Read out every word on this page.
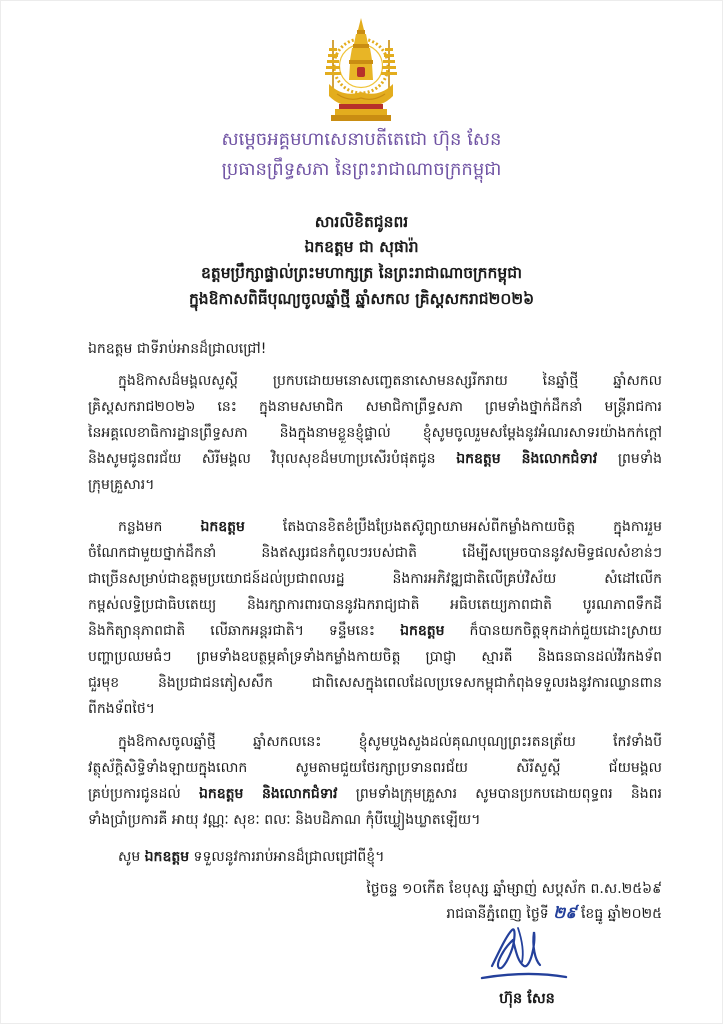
សម្តេចអគ្គមហាសេនាបតីតេជោ ហ៊ុន សែន
ប្រធានព្រឹទ្ធសភា នៃព្រះរាជាណាចក្រកម្ពុជា
សារលិខិតជូនពរ
ឯកឧត្តម ជា សុផារ៉ា
ឧត្តមប្រឹក្សាផ្ទាល់ព្រះមហាក្សត្រ នៃព្រះរាជាណាចក្រកម្ពុជា
ក្នុងឱកាសពិធីបុណ្យចូលឆ្នាំថ្មី ឆ្នាំសកល គ្រិស្តសករាជ២០២៦
ឯកឧត្តម ជាទីរាប់អានដ៏ជ្រាលជ្រៅ!
ក្នុងឱកាសដ៏មង្គលសួស្តី ប្រកបដោយមនោសញ្ចេតនាសោមនស្សរីករាយ នៃឆ្នាំថ្មី ឆ្នាំសកល
គ្រិស្តសករាជ២០២៦ នេះ ក្នុងនាមសមាជិក សមាជិកាព្រឹទ្ធសភា ព្រមទាំងថ្នាក់ដឹកនាំ មន្ត្រីរាជការ
នៃអគ្គលេខាធិការដ្ឋានព្រឹទ្ធសភា និងក្នុងនាមខ្លួនខ្ញុំផ្ទាល់ ខ្ញុំសូមចូលរួមសម្តែងនូវអំណរសាទរយ៉ាងកក់ក្តៅ
និងសូមជូនពរជ័យ សិរីមង្គល វិបុលសុខដ៏មហាប្រសើរបំផុតជូន ឯកឧត្តម និងលោកជំទាវ ព្រមទាំង
ក្រុមគ្រួសារ។
កន្លងមក ឯកឧត្តម តែងបានខិតខំប្រឹងប្រែងតស៊ូព្យាយាមអស់ពីកម្លាំងកាយចិត្ត ក្នុងការរួម
ចំណែកជាមួយថ្នាក់ដឹកនាំ និងឥស្សរជនកំពូលៗរបស់ជាតិ ដើម្បីសម្រេចបាននូវសមិទ្ធផលសំខាន់ៗ
ជាច្រើនសម្រាប់ជាឧត្តមប្រយោជន៍ដល់ប្រជាពលរដ្ឋ និងការអភិវឌ្ឍជាតិលើគ្រប់វិស័យ សំដៅលើក
កម្ពស់លទ្ធិប្រជាធិបតេយ្យ និងរក្សាការពារបាននូវឯករាជ្យជាតិ អធិបតេយ្យភាពជាតិ បូរណភាពទឹកដី
និងកិត្យានុភាពជាតិ លើឆាកអន្តរជាតិ។ ទន្ទឹមនេះ ឯកឧត្តម ក៏បានយកចិត្តទុកដាក់ជួយដោះស្រាយ
បញ្ហាប្រឈមធំៗ ព្រមទាំងឧបត្ថម្ភគាំទ្រទាំងកម្លាំងកាយចិត្ត ប្រាជ្ញា ស្មារតី និងធនធានដល់វីរកងទ័ព
ជួរមុខ និងប្រជាជនភៀសសឹក ជាពិសេសក្នុងពេលដែលប្រទេសកម្ពុជាកំពុងទទួលរងនូវការឈ្លានពាន
ពីកងទ័ពថៃ។
ក្នុងឱកាសចូលឆ្នាំថ្មី ឆ្នាំសកលនេះ ខ្ញុំសូមបួងសួងដល់គុណបុណ្យព្រះរតនត្រ័យ កែវទាំងបី
វត្ថុស័ក្តិសិទ្ធិទាំងឡាយក្នុងលោក សូមតាមជួយថែរក្សាប្រទានពរជ័យ សិរីសួស្តី ជ័យមង្គល
គ្រប់ប្រការជូនដល់ ឯកឧត្តម និងលោកជំទាវ ព្រមទាំងក្រុមគ្រួសារ សូមបានប្រកបដោយពុទ្ធពរ និងពរ
ទាំងប្រាំប្រការគឺ អាយុ វណ្ណៈ សុខៈ ពលៈ និងបដិភាណ កុំបីឃ្លៀងឃ្លាតឡើយ។
សូម ឯកឧត្តម ទទួលនូវការរាប់អានដ៏ជ្រាលជ្រៅពីខ្ញុំ។
ថ្ងៃចន្ទ ១០កើត ខែបុស្ស ឆ្នាំម្សាញ់ សប្តស័ក ព.ស.២៥៦៩
រាជធានីភ្នំពេញ ថ្ងៃទី ២៩ ខែធ្នូ ឆ្នាំ២០២៥
ហ៊ុន សែន
